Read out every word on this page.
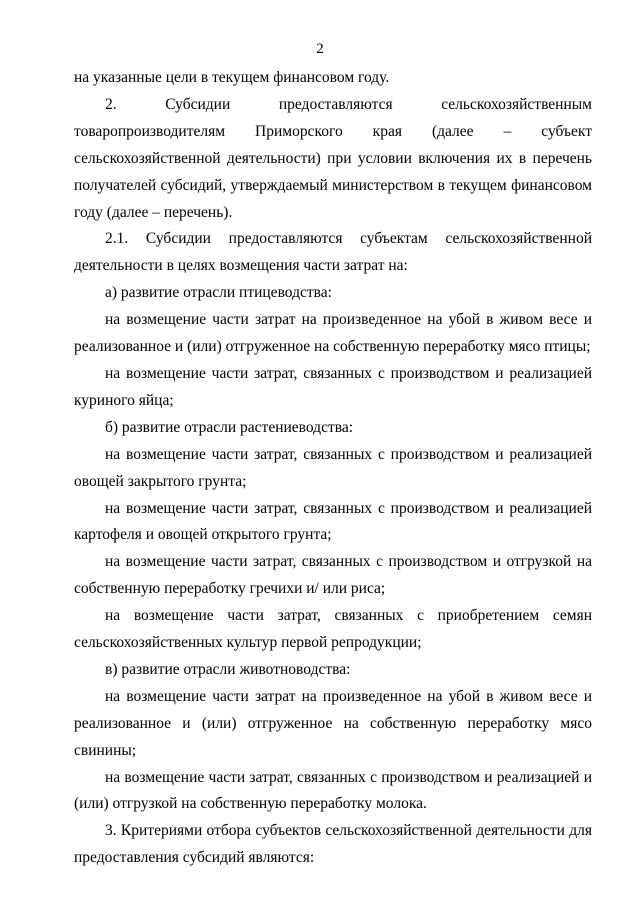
2

на указанные цели в текущем финансовом году.

2. Субсидии предоставляются сельскохозяйственным товаропроизводителям Приморского края (далее – субъект сельскохозяйственной деятельности) при условии включения их в перечень получателей субсидий, утверждаемый министерством в текущем финансовом году (далее – перечень).

2.1. Субсидии предоставляются субъектам сельскохозяйственной деятельности в целях возмещения части затрат на:

а) развитие отрасли птицеводства:

на возмещение части затрат на произведенное на убой в живом весе и реализованное и (или) отгруженное на собственную переработку мясо птицы;

на возмещение части затрат, связанных с производством и реализацией куриного яйца;

б) развитие отрасли растениеводства:

на возмещение части затрат, связанных с производством и реализацией овощей закрытого грунта;

на возмещение части затрат, связанных с производством и реализацией картофеля и овощей открытого грунта;

на возмещение части затрат, связанных с производством и отгрузкой на собственную переработку гречихи и/ или риса;

на возмещение части затрат, связанных с приобретением семян сельскохозяйственных культур первой репродукции;

в) развитие отрасли животноводства:

на возмещение части затрат на произведенное на убой в живом весе и реализованное и (или) отгруженное на собственную переработку мясо свинины;

на возмещение части затрат, связанных с производством и реализацией и (или) отгрузкой на собственную переработку молока.

3. Критериями отбора субъектов сельскохозяйственной деятельности для предоставления субсидий являются:
